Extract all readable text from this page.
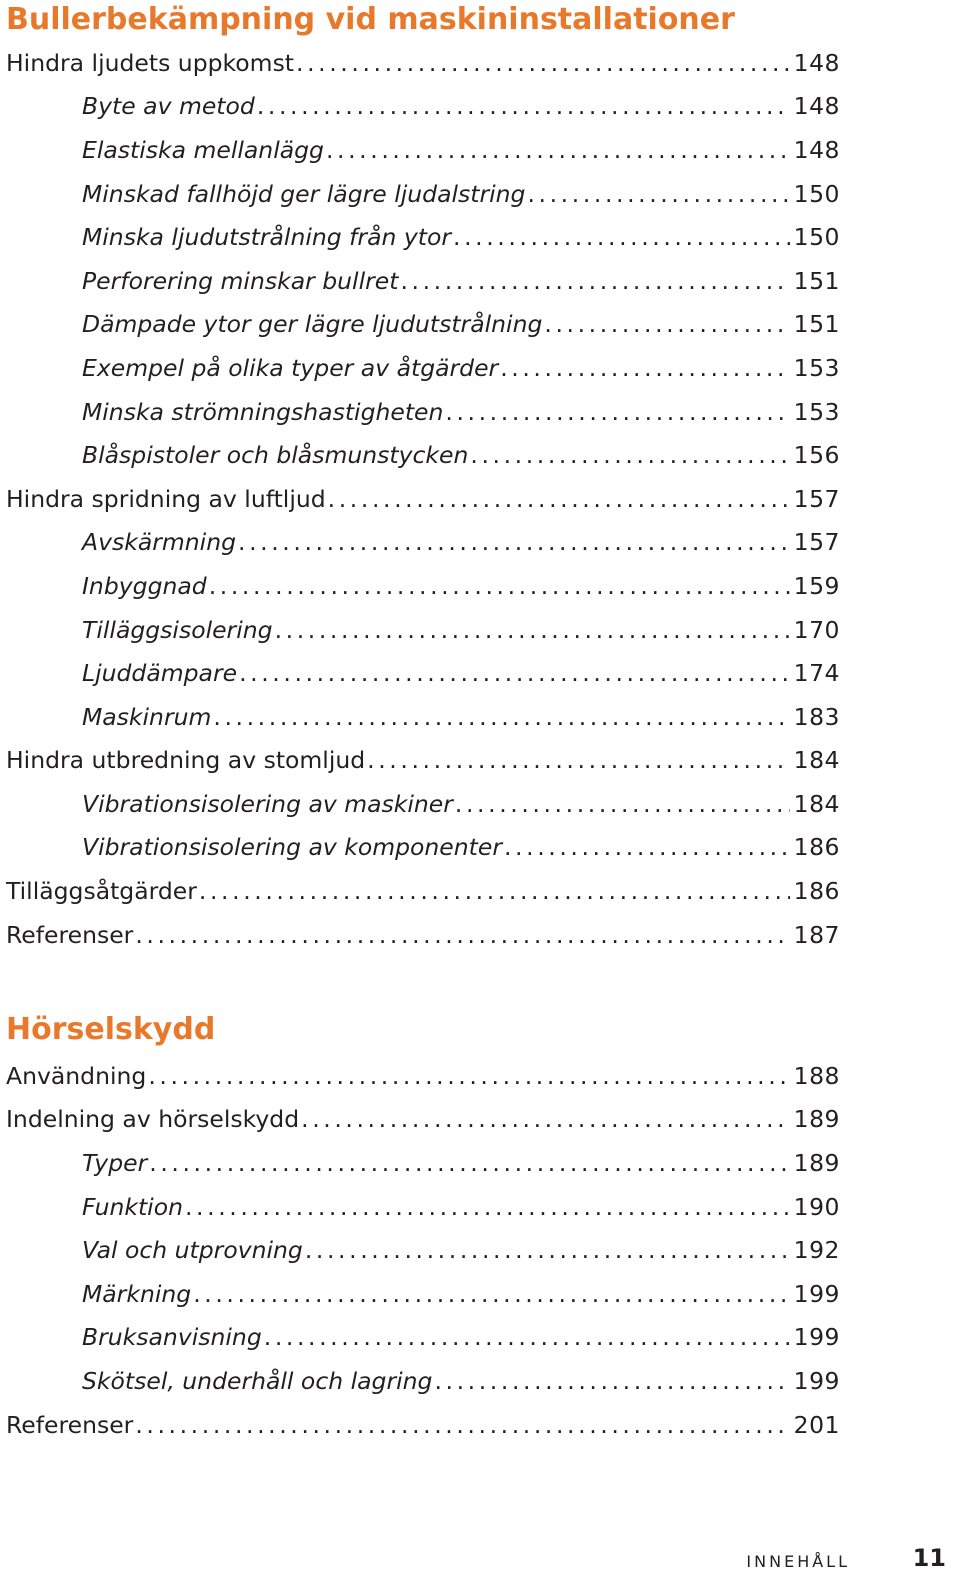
Bullerbekämpning vid maskininstallationer
Hindra ljudets uppkomst .....	148
Byte av metod .....	148
Elastiska mellanlägg .....	148
Minskad fallhöjd ger lägre ljudalstring .....	150
Minska ljudutstrålning från ytor .....	150
Perforering minskar bullret .....	151
Dämpade ytor ger lägre ljudutstrålning .....	151
Exempel på olika typer av åtgärder .....	153
Minska strömningshastigheten .....	153
Blåspistoler och blåsmunstycken .....	156
Hindra spridning av luftljud .....	157
Avskärmning .....	157
Inbyggnad .....	159
Tilläggsisolering .....	170
Ljuddämpare .....	174
Maskinrum .....	183
Hindra utbredning av stomljud .....	184
Vibrationsisolering av maskiner .....	184
Vibrationsisolering av komponenter .....	186
Tilläggsåtgärder .....	186
Referenser .....	187
Hörselskydd
Användning .....	188
Indelning av hörselskydd .....	189
Typer .....	189
Funktion .....	190
Val och utprovning .....	192
Märkning .....	199
Bruksanvisning .....	199
Skötsel, underhåll och lagring .....	199
Referenser .....	201
INNEHÅLL	11
